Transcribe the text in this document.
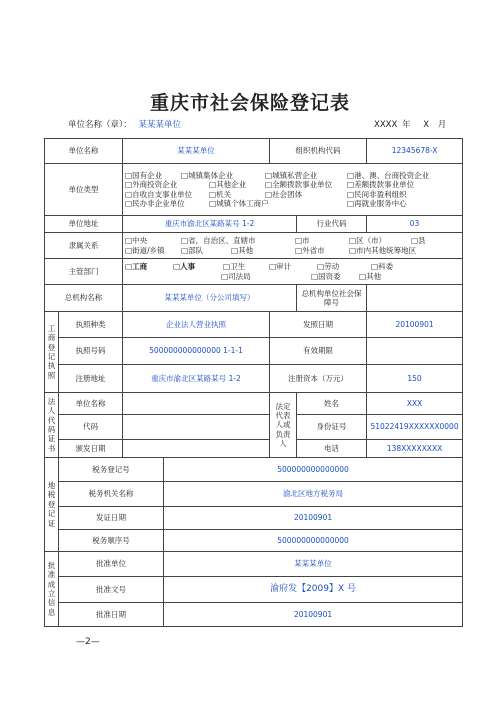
重庆市社会保险登记表
单位名称（章）： 某某某单位	XXXX 年 X 月
单位名称		某某某单位		组织机构代码		12345678-X
单位类型		□国有企业 □城镇集体企业 □城镇私营企业 □港、澳、台商投资企业
□外商投资企业 □其他企业 □全额拨款事业单位 □差额拨款事业单位
□自收自支事业单位 □机关 □社会团体 □民间非盈利组织
□民办非企业单位 □城镇个体工商户 □再就业服务中心				
单位地址		重庆市渝北区某路某号 1-2			行业代码	03
隶属关系		□中央 □省，自治区、直辖市 □市 □区（市） □县
□街道/乡镇 □部队 □其他 □外省市 □市内其他统筹地区				
主管部门		□工商 □人事 □卫生 □审计 □劳动 □科委
□司法局 □国资委 □其他				
总机构名称		某某某单位（分公司填写）			总机构单位社会保障号	
工商登记执照	执照种类	企业法人营业执照		发照日期		20100901
	执照号码	500000000000000 1-1-1		有效期限		
	注册地址	重庆市渝北区某路某号 1-2		注册资本（万元）		150
法人代码证书	单位名称			法定代表人或负责人	姓名	XXX
	代码				身份证号	51022419XXXXXX0000
	颁发日期				电话	138XXXXXXXX
地税登记证	税务登记号		500000000000000			
	税务机关名称		渝北区地方税务局			
	发证日期		20100901			
	税务顺序号		500000000000000			
批准成立信息	批准单位		某某某单位			
	批准文号		渝府发【2009】X 号			
	批准日期		20100901			
—2—
